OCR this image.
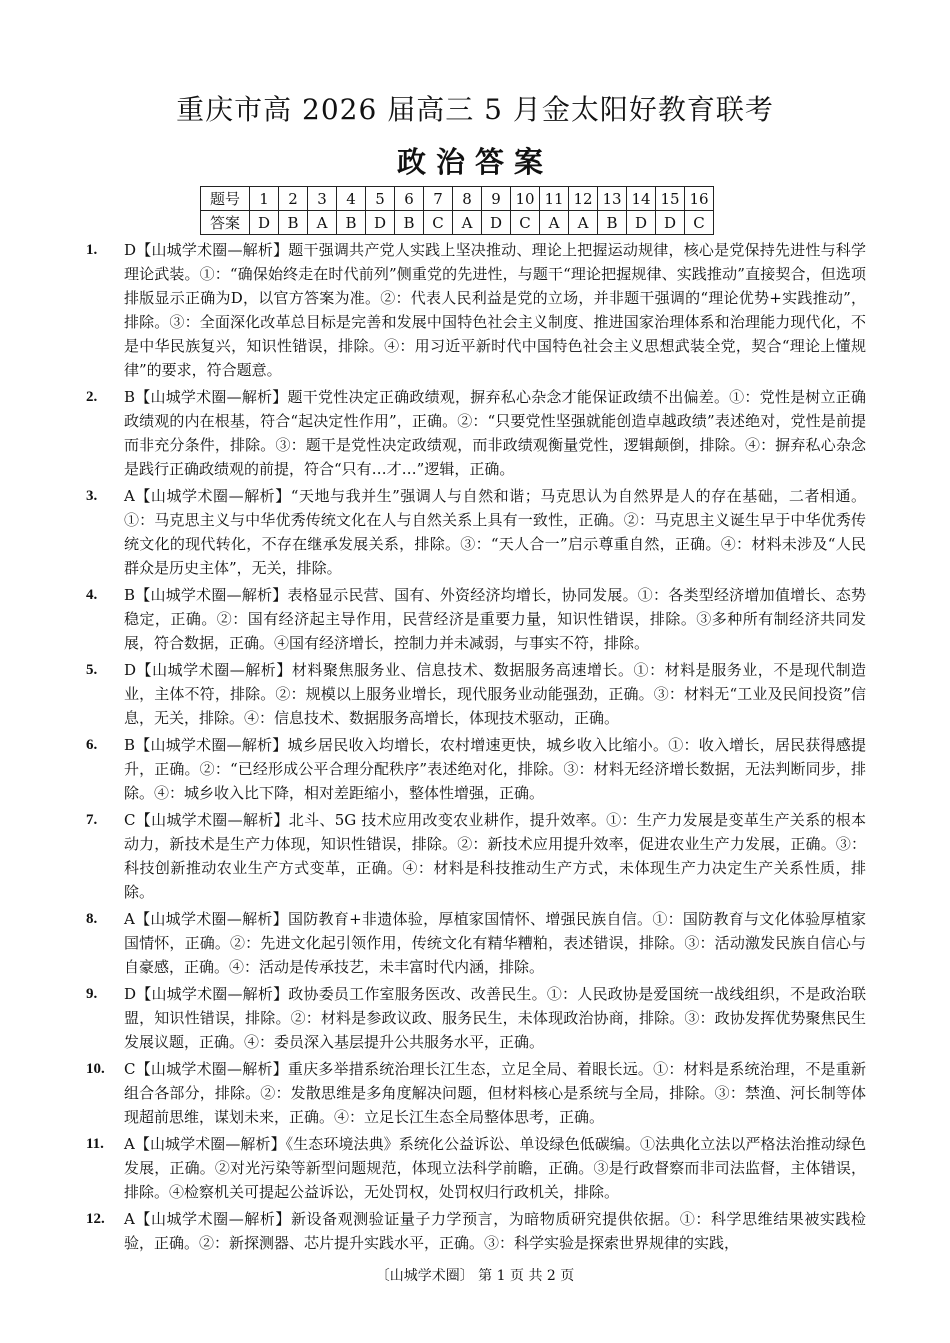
重庆市高 2026 届高三 5 月金太阳好教育联考
政治答案
题号	1	2	3	4	5	6	7	8	9	10	11	12	13	14	15	16
答案	D	B	A	B	D	B	C	A	D	C	A	A	B	D	D	C
1. D【山城学术圈—解析】题干强调共产党人实践上坚决推动、理论上把握运动规律，核心是党保持先进性与科学理论武装。①：“确保始终走在时代前列”侧重党的先进性，与题干“理论把握规律、实践推动”直接契合，但选项排版显示正确为D，以官方答案为准。②：代表人民利益是党的立场，并非题干强调的“理论优势+实践推动”，排除。③：全面深化改革总目标是完善和发展中国特色社会主义制度、推进国家治理体系和治理能力现代化，不是中华民族复兴，知识性错误，排除。④：用习近平新时代中国特色社会主义思想武装全党，契合“理论上懂规律”的要求，符合题意。
2. B【山城学术圈—解析】题干党性决定正确政绩观，摒弃私心杂念才能保证政绩不出偏差。①：党性是树立正确政绩观的内在根基，符合“起决定性作用”，正确。②：“只要党性坚强就能创造卓越政绩”表述绝对，党性是前提而非充分条件，排除。③：题干是党性决定政绩观，而非政绩观衡量党性，逻辑颠倒，排除。④：摒弃私心杂念是践行正确政绩观的前提，符合“只有…才…”逻辑，正确。
3. A【山城学术圈—解析】“天地与我并生”强调人与自然和谐；马克思认为自然界是人的存在基础，二者相通。①：马克思主义与中华优秀传统文化在人与自然关系上具有一致性，正确。②：马克思主义诞生早于中华优秀传统文化的现代转化，不存在继承发展关系，排除。③：“天人合一”启示尊重自然，正确。④：材料未涉及“人民群众是历史主体”，无关，排除。
4. B【山城学术圈—解析】表格显示民营、国有、外资经济均增长，协同发展。①：各类型经济增加值增长、态势稳定，正确。②：国有经济起主导作用，民营经济是重要力量，知识性错误，排除。③多种所有制经济共同发展，符合数据，正确。④国有经济增长，控制力并未减弱，与事实不符，排除。
5. D【山城学术圈—解析】材料聚焦服务业、信息技术、数据服务高速增长。①：材料是服务业，不是现代制造业，主体不符，排除。②：规模以上服务业增长，现代服务业动能强劲，正确。③：材料无“工业及民间投资”信息，无关，排除。④：信息技术、数据服务高增长，体现技术驱动，正确。
6. B【山城学术圈—解析】城乡居民收入均增长，农村增速更快，城乡收入比缩小。①：收入增长，居民获得感提升，正确。②：“已经形成公平合理分配秩序”表述绝对化，排除。③：材料无经济增长数据，无法判断同步，排除。④：城乡收入比下降，相对差距缩小，整体性增强，正确。
7. C【山城学术圈—解析】北斗、5G 技术应用改变农业耕作，提升效率。①：生产力发展是变革生产关系的根本动力，新技术是生产力体现，知识性错误，排除。②：新技术应用提升效率，促进农业生产力发展，正确。③：科技创新推动农业生产方式变革，正确。④：材料是科技推动生产方式，未体现生产力决定生产关系性质，排除。
8. A【山城学术圈—解析】国防教育+非遗体验，厚植家国情怀、增强民族自信。①：国防教育与文化体验厚植家国情怀，正确。②：先进文化起引领作用，传统文化有精华糟粕，表述错误，排除。③：活动激发民族自信心与自豪感，正确。④：活动是传承技艺，未丰富时代内涵，排除。
9. D【山城学术圈—解析】政协委员工作室服务医改、改善民生。①：人民政协是爱国统一战线组织，不是政治联盟，知识性错误，排除。②：材料是参政议政、服务民生，未体现政治协商，排除。③：政协发挥优势聚焦民生发展议题，正确。④：委员深入基层提升公共服务水平，正确。
10. C【山城学术圈—解析】重庆多举措系统治理长江生态，立足全局、着眼长远。①：材料是系统治理，不是重新组合各部分，排除。②：发散思维是多角度解决问题，但材料核心是系统与全局，排除。③：禁渔、河长制等体现超前思维，谋划未来，正确。④：立足长江生态全局整体思考，正确。
11. A【山城学术圈—解析】《生态环境法典》系统化公益诉讼、单设绿色低碳编。①法典化立法以严格法治推动绿色发展，正确。②对光污染等新型问题规范，体现立法科学前瞻，正确。③是行政督察而非司法监督，主体错误，排除。④检察机关可提起公益诉讼，无处罚权，处罚权归行政机关，排除。
12. A【山城学术圈—解析】新设备观测验证量子力学预言，为暗物质研究提供依据。①：科学思维结果被实践检验，正确。②：新探测器、芯片提升实践水平，正确。③：科学实验是探索世界规律的实践，
〔山城学术圈〕 第 1 页 共 2 页
